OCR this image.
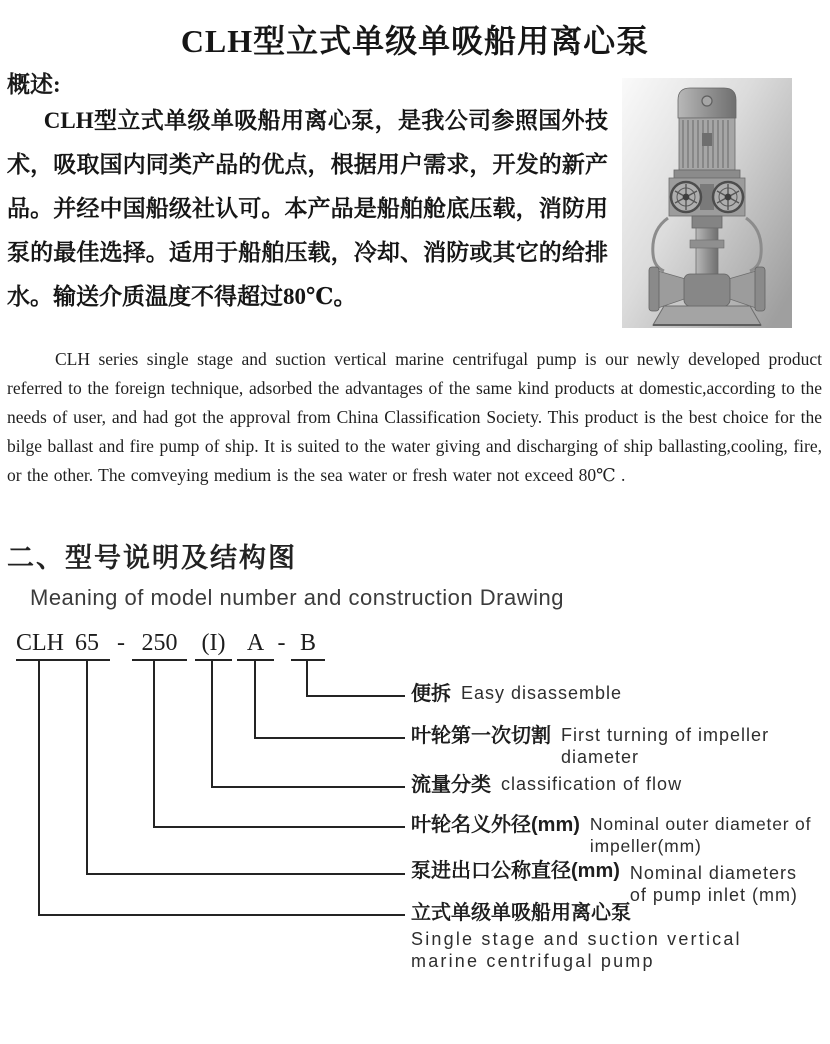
CLH型立式单级单吸船用离心泵
概述:

CLH型立式单级单吸船用离心泵，是我公司参照国外技术，吸取国内同类产品的优点，根据用户需求，开发的新产品。并经中国船级社认可。本产品是船舶舱底压载，消防用泵的最佳选择。适用于船舶压载，冷却、消防或其它的给排水。输送介质温度不得超过80℃。

CLH series single stage and suction vertical marine centrifugal pump is our newly developed product referred to the foreign technique, adsorbed the advantages of the same kind products at domestic,according to the needs of user, and had got the approval from China Classification Society. This product is the best choice for the bilge ballast and fire pump of ship. It is suited to the water giving and discharging of ship ballasting,cooling, fire, or the other. The comveying medium is the sea water or fresh water not exceed 80℃ .

二、型号说明及结构图
Meaning of model number and construction Drawing
CLH 65 - 250	(I) A - B
便拆 Easy disassemble
叶轮第一次切割 First turning of impeller diameter
流量分类 classification of flow
叶轮名义外径(mm) Nominal outer diameter of impeller(mm)
泵进出口公称直径(mm) Nominal diameters of pump inlet (mm)
立式单级单吸船用离心泵
Single stage and suction vertical marine centrifugal pump
